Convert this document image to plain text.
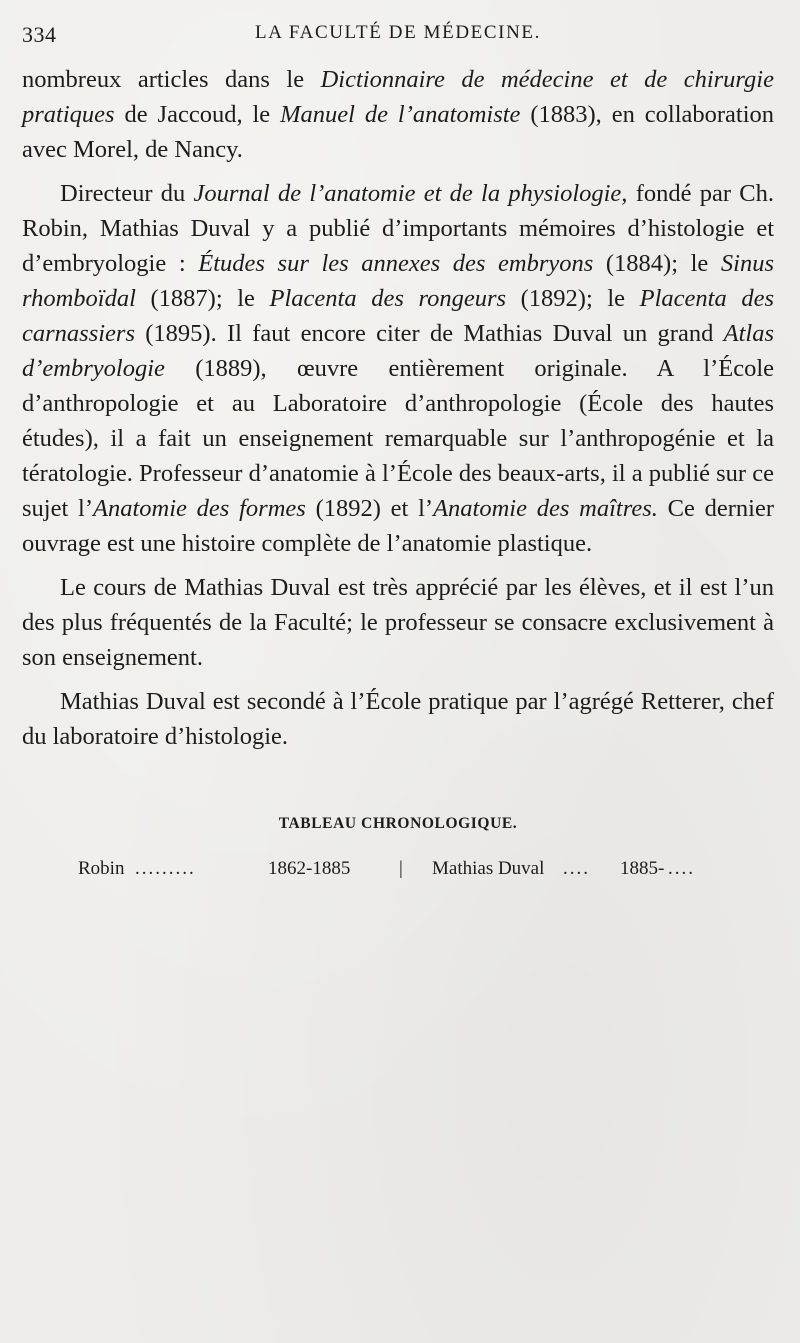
334	LA FACULTÉ DE MÉDECINE.

nombreux articles dans le Dictionnaire de médecine et de chirurgie pratiques de Jaccoud, le Manuel de l’anatomiste (1883), en collaboration avec Morel, de Nancy.

Directeur du Journal de l’anatomie et de la physiologie, fondé par Ch. Robin, Mathias Duval y a publié d’importants mémoires d’histologie et d’embryologie : Études sur les annexes des embryons (1884); le Sinus rhomboïdal (1887); le Placenta des rongeurs (1892); le Placenta des carnassiers (1895). Il faut encore citer de Mathias Duval un grand Atlas d’embryologie (1889), œuvre entièrement originale. A l’École d’anthropologie et au Laboratoire d’anthropologie (École des hautes études), il a fait un enseignement remarquable sur l’anthropogénie et la tératologie. Professeur d’anatomie à l’École des beaux-arts, il a publié sur ce sujet l’Anatomie des formes (1892) et l’Anatomie des maîtres. Ce dernier ouvrage est une histoire complète de l’anatomie plastique.

Le cours de Mathias Duval est très apprécié par les élèves, et il est l’un des plus fréquentés de la Faculté; le professeur se consacre exclusivement à son enseignement.

Mathias Duval est secondé à l’École pratique par l’agrégé Retterer, chef du laboratoire d’histologie.

TABLEAU CHRONOLOGIQUE.
Robin .........	1862-1885	| Mathias Duval .... 1885- ....
